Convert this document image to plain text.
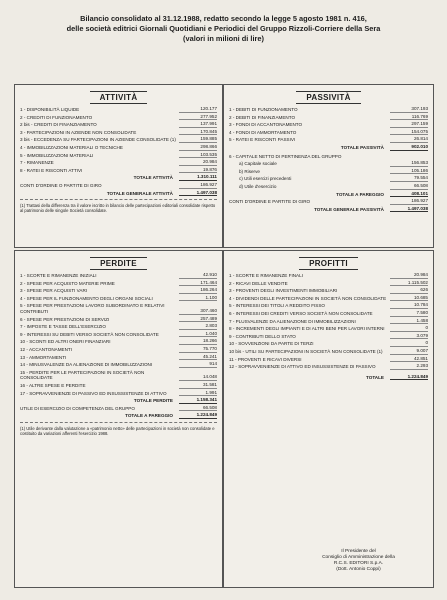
Bilancio consolidato al 31.12.1988, redatto secondo la legge 5 agosto 1981 n. 416,
delle società editrici Giornali Quotidiani e Periodici del Gruppo Rizzoli-Corriere della Sera
(valori in milioni di lire)
ATTIVITÀ
1 - DISPONIBILITÀ LIQUIDE	120.177
2 - CREDITI DI FUNZIONAMENTO	277.952
2 bis - CREDITI DI FINANZIAMENTO	137.991
3 - PARTECIPAZIONI IN AZIENDE NON CONSOLIDATE	170.845
3 bis - ECCEDENZA SU PARTECIPAZIONI IN AZIENDE CONSOLIDATE (1)	159.885
4 - IMMOBILIZZAZIONI MATERIALI O TECNICHE	298.866
5 - IMMOBILIZZAZIONI MATERIALI	103.535
7 - RIMANENZE	20.984
8 - RATEI E RISCONTI ATTIVI	19.876
TOTALE ATTIVITÀ	1.310.111
CONTI D'ORDINE O PARTITE DI GIRO	186.927
TOTALE GENERALE ATTIVITÀ	1.497.038
(1) Trattasi della differenza tra il valore iscritto in bilancio delle partecipazioni editoriali consolidate rispetto al patrimonio delle singole Società consolidate.
PASSIVITÀ
1 - DEBITI DI FUNZIONAMENTO	307.193
2 - DEBITI DI FINANZIAMENTO	116.769
3 - FONDI DI ACCANTONAMENTO	297.159
4 - FONDI DI AMMORTAMENTO	154.075
5 - RATEI E RISCONTI PASSIVI	26.814
TOTALE PASSIVITÀ	902.010
6 - CAPITALE NETTO DI PERTINENZA DEL GRUPPO
a) Capitale sociale	156.853
b) Riserve	105.186
c) Utili esercizi precedenti	79.554
d) Utile d'esercizio	66.508
TOTALE A PAREGGIO	408.101
CONTI D'ORDINE E PARTITE DI GIRO	186.927
TOTALE GENERALE PASSIVITÀ	1.497.038
PERDITE
1 - SCORTE E RIMANENZE INIZIALI	42.910
2 - SPESE PER ACQUISTO MATERIE PRIME	171.464
3 - SPESE PER ACQUISTI VARI	186.264
4 - SPESE PER IL FUNZIONAMENTO DEGLI ORGANI SOCIALI	1.100
5 - SPESE PER PRESTAZIONI LAVORO SUBORDINATO E RELATIVI CONTRIBUTI	307.460
6 - SPESE PER PRESTAZIONI DI SERVIZI	257.489
7 - IMPOSTE E TASSE DELL'ESERCIZIO	2.803
9 - INTERESSI SU DEBITI VERSO SOCIETÀ NON CONSOLIDATE	1.040
10 - SCONTI ED ALTRI ONERI FINANZIARI	18.266
12 - ACCANTONAMENTI	75.770
13 - AMMORTAMENTI	45.241
14 - MINUSVALENZE DA ALIENAZIONE DI IMMOBILIZZAZIONI	914
15 - PERDITE PER LE PARTECIPAZIONI IN SOCIETÀ NON CONSOLIDATE	14.048
16 - ALTRE SPESE E PERDITE	31.581
17 - SOPRAVVENIENZE DI PASSIVO ED INSUSSISTENZE DI ATTIVO	1.991
TOTALE PERDITE	1.158.341
UTILE DI ESERCIZIO DI COMPETENZA DEL GRUPPO	66.508
TOTALE A PAREGGIO	1.224.849
(1) Utile derivante dalla valutazione a «patrimonio netto» delle partecipazioni in società non consolidate e costituito da variazioni afferenti l'esercizio 1988.
PROFITTI
1 - SCORTE E RIMANENZE FINALI	20.984
2 - RICAVI DELLE VENDITE	1.115.502
3 - PROVENTI DEGLI INVESTIMENTI IMMOBILIARI	626
4 - DIVIDENDI DELLE PARTECIPAZIONI IN SOCIETÀ NON CONSOLIDATE	10.685
5 - INTERESSI DEI TITOLI A REDDITO FISSO	10.784
6 - INTERESSI DEI CREDITI VERSO SOCIETÀ NON CONSOLIDATE	7.580
7 - PLUSVALENZE DA ALIENAZIONE DI IMMOBILIZZAZIONI	1.458
8 - INCREMENTI DEGLI IMPIANTI E DI ALTRI BENI PER LAVORI INTERNI	0
9 - CONTRIBUTI DELLO STATO	3.079
10 - SOVVENZIONI DA PARTE DI TERZI	0
10 bis - UTILI SU PARTECIPAZIONI IN SOCIETÀ NON CONSOLIDATE (1)	9.007
11 - PROVENTI E RICAVI DIVERSI	42.851
12 - SOPRAVVENIENZE DI ATTIVO ED INSUSSISTENZE DI PASSIVO	2.293
TOTALE	1.224.849
Il Presidente del
Consiglio di Amministrazione della
R.C.S. EDITORI S.p.A.
(Dott. Antonio Coppi)
